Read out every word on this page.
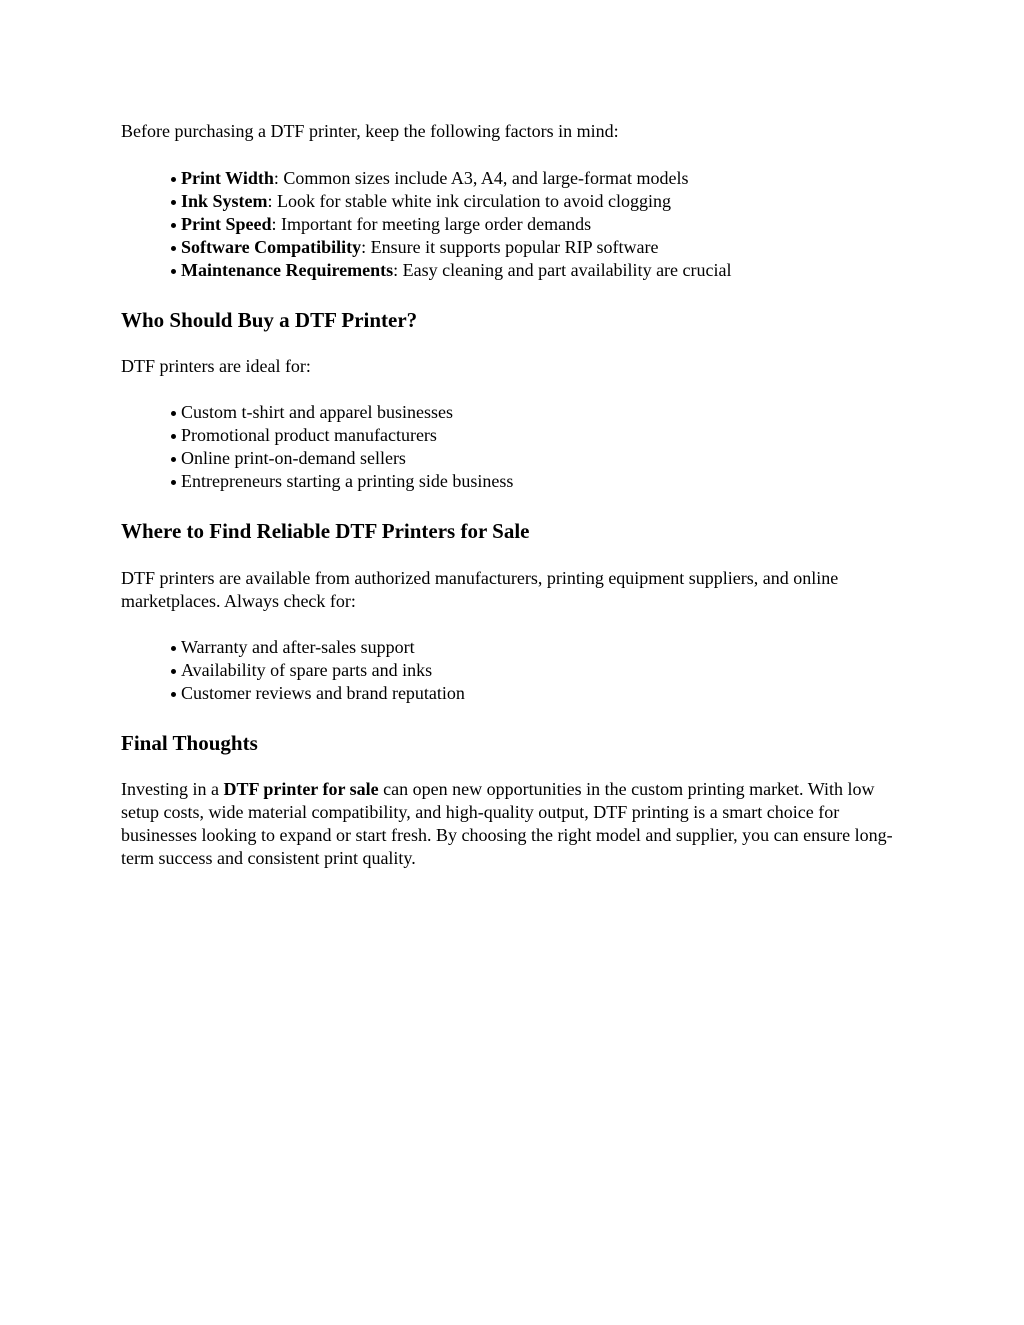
Before purchasing a DTF printer, keep the following factors in mind:

Print Width: Common sizes include A3, A4, and large-format models
Ink System: Look for stable white ink circulation to avoid clogging
Print Speed: Important for meeting large order demands
Software Compatibility: Ensure it supports popular RIP software
Maintenance Requirements: Easy cleaning and part availability are crucial
Who Should Buy a DTF Printer?

DTF printers are ideal for:

Custom t-shirt and apparel businesses
Promotional product manufacturers
Online print-on-demand sellers
Entrepreneurs starting a printing side business
Where to Find Reliable DTF Printers for Sale

DTF printers are available from authorized manufacturers, printing equipment suppliers, and online marketplaces. Always check for:

Warranty and after-sales support
Availability of spare parts and inks
Customer reviews and brand reputation
Final Thoughts

Investing in a DTF printer for sale can open new opportunities in the custom printing market. With low setup costs, wide material compatibility, and high-quality output, DTF printing is a smart choice for businesses looking to expand or start fresh. By choosing the right model and supplier, you can ensure long-term success and consistent print quality.
